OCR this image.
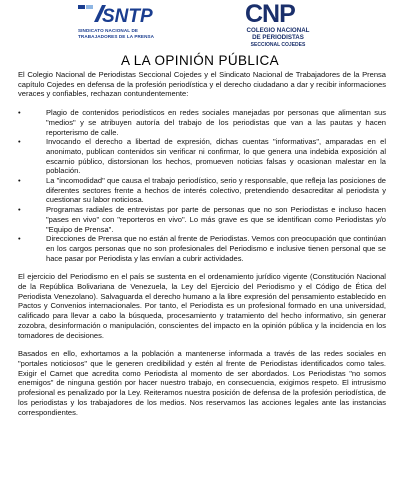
SNTP
SINDICATO NACIONAL DE
TRABAJADORES DE LA PRENSA
CNP
COLEGIO NACIONAL
DE PERIODISTAS
SECCIONAL COJEDES
A LA OPINIÓN PÚBLICA

El Colegio Nacional de Periodistas Seccional Cojedes y el Sindicato Nacional de Trabajadores de la Prensa capítulo Cojedes en defensa de la profesión periodística y el derecho ciudadano a dar y recibir informaciones veraces y confiables, rechazan contundentemente:

•	Plagio de contenidos periodísticos en redes sociales manejadas por personas que alimentan sus "medios" y se atribuyen autoría del trabajo de los periodistas que van a las pautas y hacen reporterismo de calle.
•	Invocando el derecho a libertad de expresión, dichas cuentas "informativas", amparadas en el anonimato, publican contenidos sin verificar ni confirmar, lo que genera una indebida exposición al escarnio público, distorsionan los hechos, promueven noticias falsas y ocasionan malestar en la población.
•	La "incomodidad" que causa el trabajo periodístico, serio y responsable, que refleja las posiciones de diferentes sectores frente a hechos de interés colectivo, pretendiendo desacreditar al periodista y cuestionar su labor noticiosa.
•	Programas radiales de entrevistas por parte de personas que no son Periodistas e incluso hacen "pases en vivo" con "reporteros en vivo". Lo más grave es que se identifican como Periodistas y/o "Equipo de Prensa".
•	Direcciones de Prensa que no están al frente de Periodistas. Vemos con preocupación que continúan en los cargos personas que no son profesionales del Periodismo e inclusive tienen personal que se hace pasar por Periodista y las envían a cubrir actividades.

El ejercicio del Periodismo en el país se sustenta en el ordenamiento jurídico vigente (Constitución Nacional de la República Bolivariana de Venezuela, la Ley del Ejercicio del Periodismo y el Código de Ética del Periodista Venezolano). Salvaguarda el derecho humano a la libre expresión del pensamiento establecido en Pactos y Convenios internacionales. Por tanto, el Periodista es un profesional formado en una universidad, calificado para llevar a cabo la búsqueda, procesamiento y tratamiento del hecho informativo, sin generar zozobra, desinformación o manipulación, conscientes del impacto en la opinión pública y la incidencia en los tomadores de decisiones.

Basados en ello, exhortamos a la población a mantenerse informada a través de las redes sociales en "portales noticiosos" que le generen credibilidad y estén al frente de Periodistas identificados como tales. Exigir el Carnet que acredita como Periodista al momento de ser abordados. Los Periodistas "no somos enemigos" de ninguna gestión por hacer nuestro trabajo, en consecuencia, exigimos respeto. El intrusismo profesional es penalizado por la Ley. Reiteramos nuestra posición de defensa de la profesión periodística, de los periodistas y los trabajadores de los medios. Nos reservamos las acciones legales ante las instancias correspondientes.
